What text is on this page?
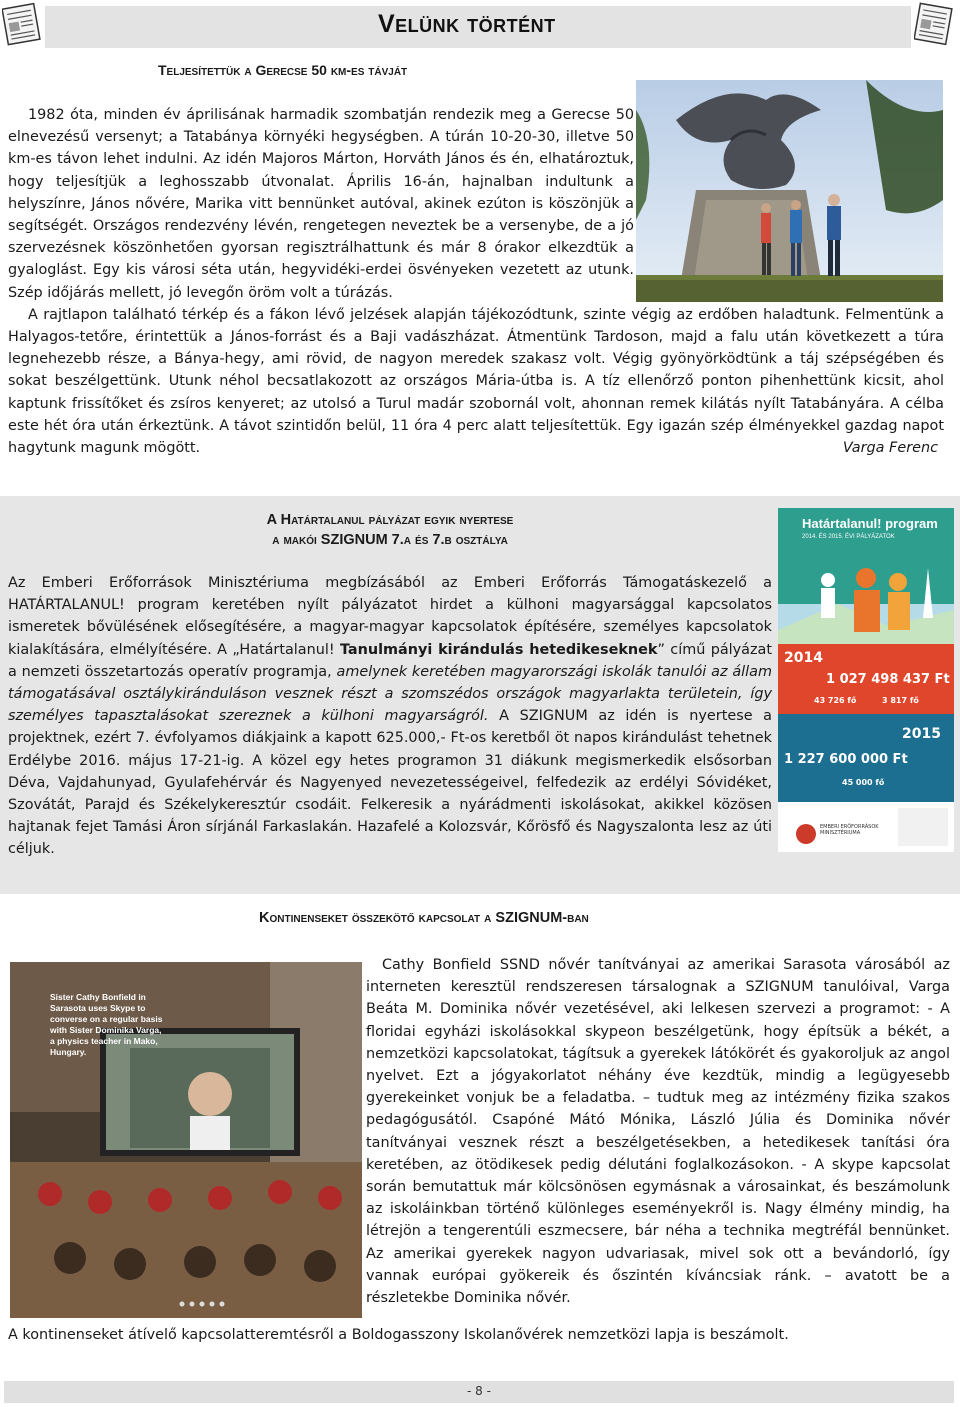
Velünk történt
Teljesítettük a Gerecse 50 km-es távját

1982 óta, minden év áprilisának harmadik szombatján rendezik meg a Gerecse 50 elnevezésű versenyt; a Tatabánya környéki hegységben. A túrán 10-20-30, illetve 50 km-es távon lehet indulni. Az idén Majoros Márton, Horváth János és én, elhatároztuk, hogy teljesítjük a leghosszabb útvonalat. Április 16-án, hajnalban indultunk a helyszínre, János nővére, Marika vitt bennünket autóval, akinek ezúton is köszönjük a segítségét. Országos rendezvény lévén, rengetegen neveztek be a versenybe, de a jó szervezésnek köszönhetően gyorsan regisztrálhattunk és már 8 órakor elkezdtük a gyaloglást. Egy kis városi séta után, hegyvidéki-erdei ösvényeken vezetett az utunk. Szép időjárás mellett, jó levegőn öröm volt a túrázás.

A rajtlapon található térkép és a fákon lévő jelzések alapján tájékozódtunk, szinte végig az erdőben haladtunk. Felmentünk a Halyagos-tetőre, érintettük a János-forrást és a Baji vadászházat. Átmentünk Tardoson, majd a falu után következett a túra legnehezebb része, a Bánya-hegy, ami rövid, de nagyon meredek szakasz volt. Végig gyönyörködtünk a táj szépségében és sokat beszélgettünk. Utunk néhol becsatlakozott az országos Mária-útba is. A tíz ellenőrző ponton pihenhettünk kicsit, ahol kaptunk frissítőket és zsíros kenyeret; az utolsó a Turul madár szobornál volt, ahonnan remek kilátás nyílt Tatabányára. A célba este hét óra után érkeztünk. A távot szintidőn belül, 11 óra 4 perc alatt teljesítettük. Egy igazán szép élményekkel gazdag napot hagytunk magunk mögött.	Varga Ferenc

A Határtalanul pályázat egyik nyertese
a makói SZIGNUM 7.a és 7.b osztálya
Határtalanul! program
2014. ÉS 2015. ÉVI PÁLYÁZATOK
2014
1 027 498 437 Ft
43 726 fő	3 817 fő
2015
1 227 600 000 Ft
45 000 fő
EMBERI ERŐFORRÁSOK MINISZTÉRIUMA

Az Emberi Erőforrások Minisztériuma megbízásából az Emberi Erőforrás Támogatáskezelő a HATÁRTALANUL! program keretében nyílt pályázatot hirdet a külhoni magyarsággal kapcsolatos ismeretek bővülésének elősegítésére, a magyar-magyar kapcsolatok építésére, személyes kapcsolatok kialakítására, elmélyítésére. A „Határtalanul! Tanulmányi kirándulás hetedikeseknek” című pályázat a nemzeti összetartozás operatív programja, amelynek keretében magyarországi iskolák tanulói az állam támogatásával osztálykiránduláson vesznek részt a szomszédos országok magyarlakta területein, így személyes tapasztalásokat szereznek a külhoni magyarságról. A SZIGNUM az idén is nyertese a projektnek, ezért 7. évfolyamos diákjaink a kapott 625.000,- Ft-os keretből öt napos kirándulást tehetnek Erdélybe 2016. május 17-21-ig. A közel egy hetes programon 31 diákunk megismerkedik elsősorban Déva, Vajdahunyad, Gyulafehérvár és Nagyenyed nevezetességeivel, felfedezik az erdélyi Sóvidéket, Szovátát, Parajd és Székelykeresztúr csodáit. Felkeresik a nyárádmenti iskolásokat, akikkel közösen hajtanak fejet Tamási Áron sírjánál Farkaslakán. Hazafelé a Kolozsvár, Kőrösfő és Nagyszalonta lesz az úti céljuk.

Kontinenseket összekötő kapcsolat a SZIGNUM-ban
Sister Cathy Bonfield in Sarasota uses Skype to converse on a regular basis with Sister Dominika Varga, a physics teacher in Mako, Hungary.

Cathy Bonfield SSND nővér tanítványai az amerikai Sarasota városából az interneten keresztül rendszeresen társalognak a SZIGNUM tanulóival, Varga Beáta M. Dominika nővér vezetésével, aki lelkesen szervezi a programot: - A floridai egyházi iskolásokkal skypeon beszélgetünk, hogy építsük a békét, a nemzetközi kapcsolatokat, tágítsuk a gyerekek látókörét és gyakoroljuk az angol nyelvet. Ezt a jógyakorlatot néhány éve kezdtük, mindig a legügyesebb gyerekeinket vonjuk be a feladatba. – tudtuk meg az intézmény fizika szakos pedagógusától. Csapóné Mátó Mónika, László Júlia és Dominika nővér tanítványai vesznek részt a beszélgetésekben, a hetedikesek tanítási óra keretében, az ötödikesek pedig délutáni foglalkozásokon. - A skype kapcsolat során bemutattuk már kölcsönösen egymásnak a városainkat, és beszámolunk az iskoláinkban történő különleges eseményekről is. Nagy élmény mindig, ha létrejön a tengerentúli eszmecsere, bár néha a technika megtréfál bennünket. Az amerikai gyerekek nagyon udvariasak, mivel sok ott a bevándorló, így vannak európai gyökereik és őszintén kíváncsiak ránk. – avatott be a részletekbe Dominika nővér.

A kontinenseket átívelő kapcsolatteremtésről a Boldogasszony Iskolanővérek nemzetközi lapja is beszámolt.

- 8 -
